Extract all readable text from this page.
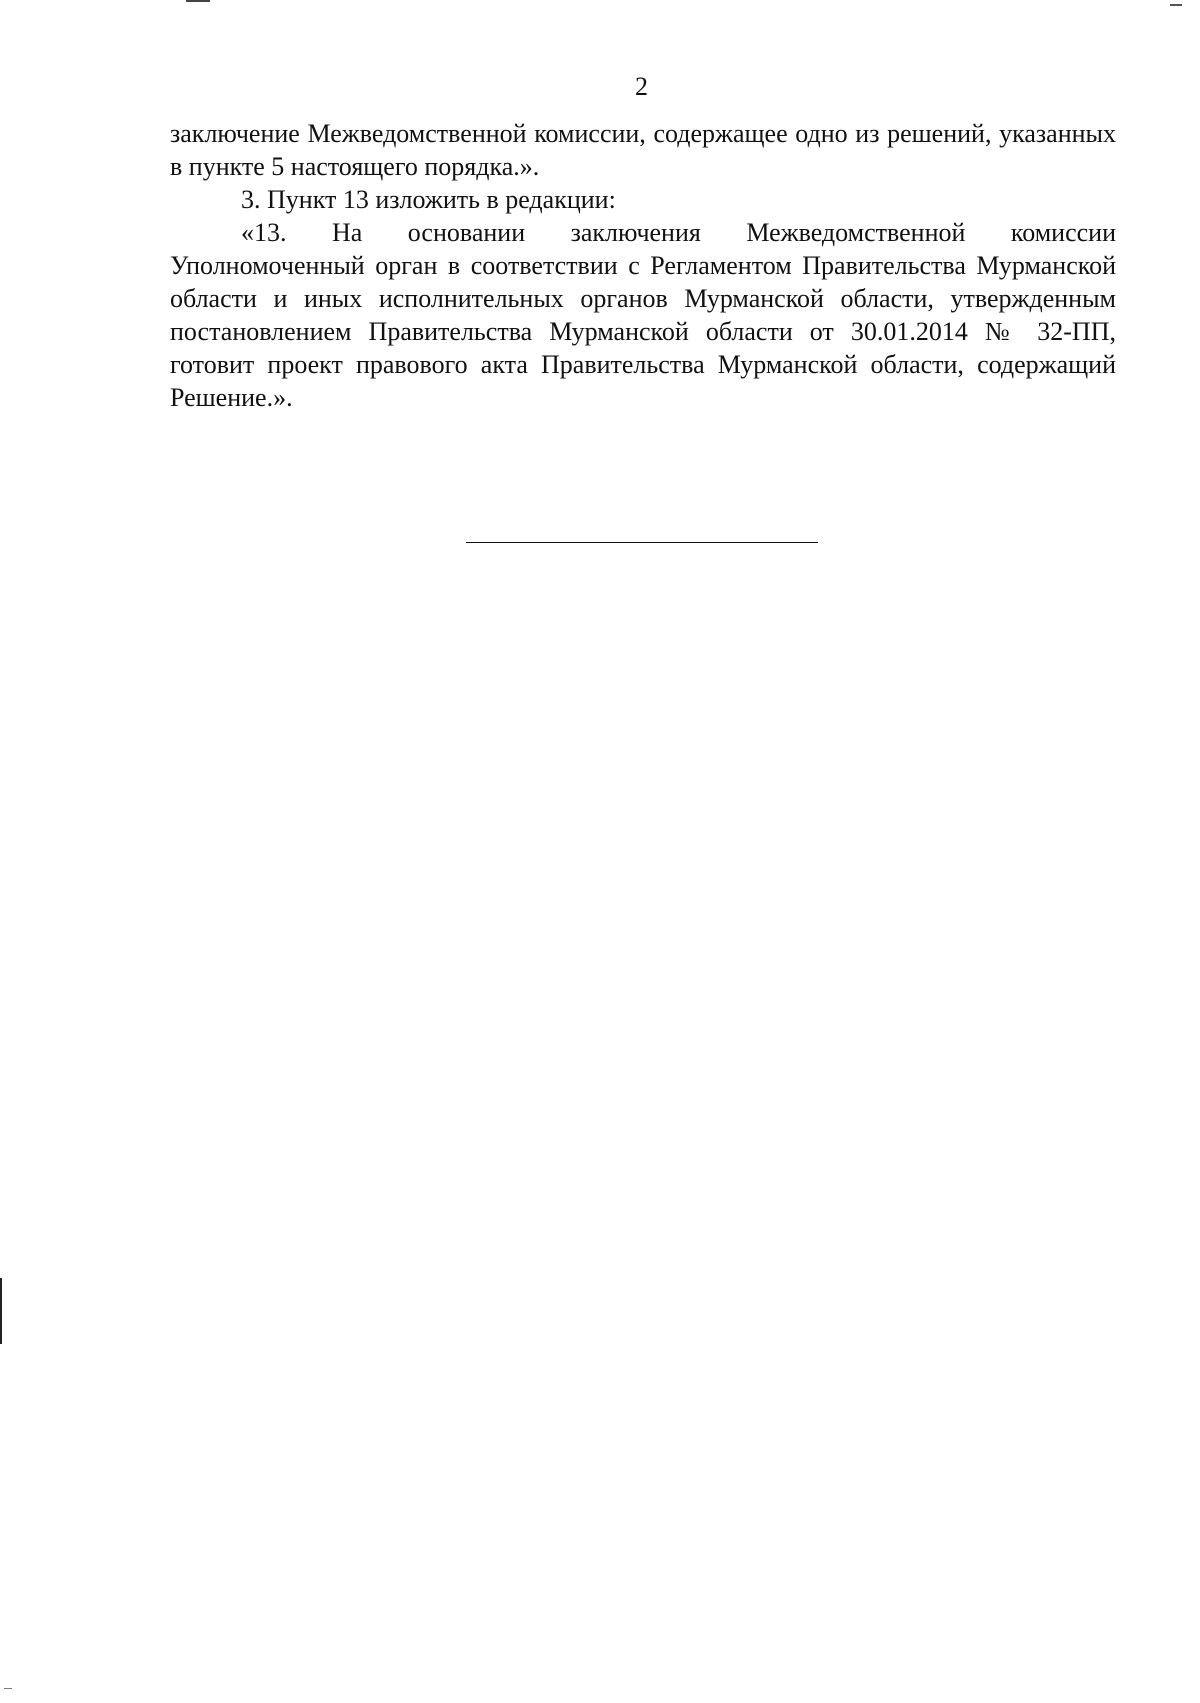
2

заключение Межведомственной комиссии, содержащее одно из решений, указанных в пункте 5 настоящего порядка.».

3. Пункт 13 изложить в редакции:

«13. На основании заключения Межведомственной комиссии Уполномоченный орган в соответствии с Регламентом Правительства Мурманской области и иных исполнительных органов Мурманской области, утвержденным постановлением Правительства Мурманской области от 30.01.2014 № 32-ПП, готовит проект правового акта Правительства Мурманской области, содержащий Решение.».
